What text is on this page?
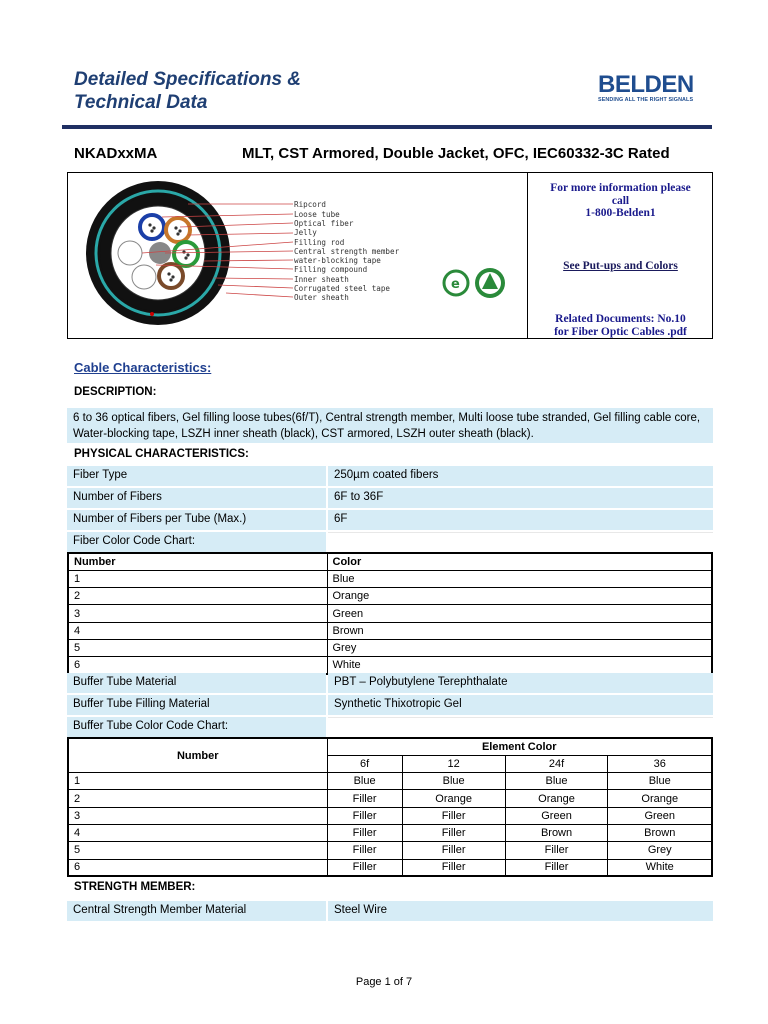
Detailed Specifications &
Technical Data
BELDEN
SENDING ALL THE RIGHT SIGNALS
NKADxxMA	MLT, CST Armored, Double Jacket, OFC, IEC60332-3C Rated
Ripcord
Loose tube
Optical fiber
Jelly
Filling rod
Central strength member
water-blocking tape
Filling compound
Inner sheath
Corrugated steel tape
Outer sheath
e
For more information please
call
1-800-Belden1
See Put-ups and Colors
Related Documents: No.10
for Fiber Optic Cables .pdf
Cable Characteristics:
DESCRIPTION:
6 to 36 optical fibers, Gel filling loose tubes(6f/T), Central strength member, Multi loose tube stranded, Gel filling cable core, Water-blocking tape, LSZH inner sheath (black), CST armored, LSZH outer sheath (black).
PHYSICAL CHARACTERISTICS:
Fiber Type	250µm coated fibers
Number of Fibers	6F to 36F
Number of Fibers per Tube (Max.)	6F
Fiber Color Code Chart:
Number	Color
1	Blue
2	Orange
3	Green
4	Brown
5	Grey
6	White
Buffer Tube Material	PBT – Polybutylene Terephthalate
Buffer Tube Filling Material	Synthetic Thixotropic Gel
Buffer Tube Color Code Chart:
Number	Element Color			
	6f	12	24f	36
1	Blue	Blue	Blue	Blue
2	Filler	Orange	Orange	Orange
3	Filler	Filler	Green	Green
4	Filler	Filler	Brown	Brown
5	Filler	Filler	Filler	Grey
6	Filler	Filler	Filler	White
STRENGTH MEMBER:
Central Strength Member Material	Steel Wire
Page 1 of 7
